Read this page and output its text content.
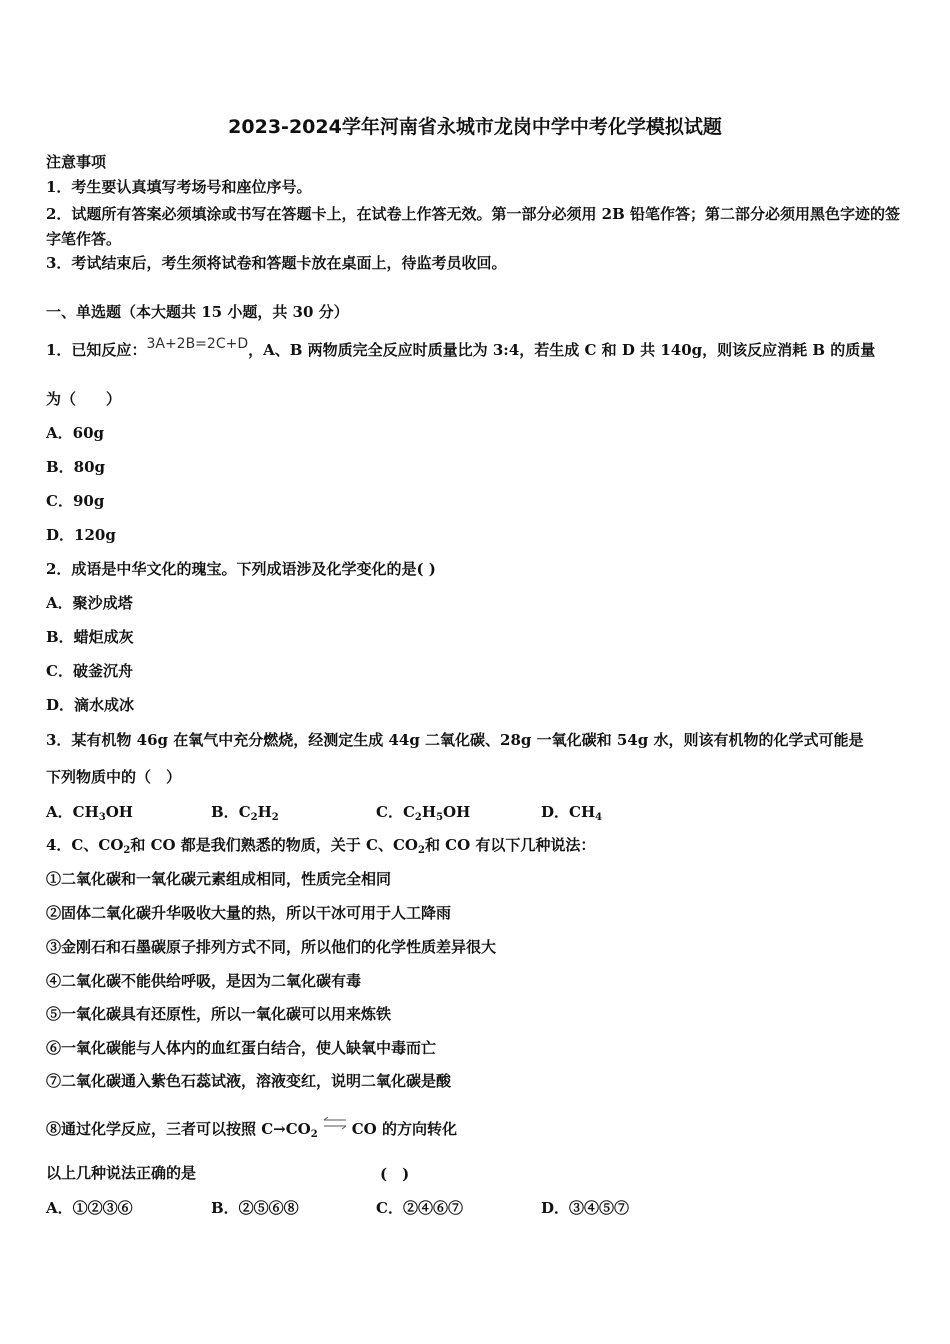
2023-2024学年河南省永城市龙岗中学中考化学模拟试题
注意事项
1．考生要认真填写考场号和座位序号。
2．试题所有答案必须填涂或书写在答题卡上，在试卷上作答无效。第一部分必须用 2B 铅笔作答；第二部分必须用黑色字迹的签字笔作答。
3．考试结束后，考生须将试卷和答题卡放在桌面上，待监考员收回。
一、单选题（本大题共 15 小题，共 30 分）
1．已知反应：3A+2B=2C+D，A、B 两物质完全反应时质量比为 3:4，若生成 C 和 D 共 140g，则该反应消耗 B 的质量
为（　　）
A．60g
B．80g
C．90g
D．120g
2．成语是中华文化的瑰宝。下列成语涉及化学变化的是( )
A．聚沙成塔
B．蜡炬成灰
C．破釜沉舟
D．滴水成冰
3．某有机物 46g 在氧气中充分燃烧，经测定生成 44g 二氧化碳、28g 一氧化碳和 54g 水，则该有机物的化学式可能是
下列物质中的（　）
A．$CH_3OH$	B．$C_2H_2$	C．$C_2H_5OH$	D．$CH_4$
4．C、$CO_2$和 CO 都是我们熟悉的物质，关于 C、$CO_2$和 CO 有以下几种说法：
①二氧化碳和一氧化碳元素组成相同，性质完全相同
②固体二氧化碳升华吸收大量的热，所以干冰可用于人工降雨
③金刚石和石墨碳原子排列方式不同，所以他们的化学性质差异很大
④二氧化碳不能供给呼吸，是因为二氧化碳有毒
⑤一氧化碳具有还原性，所以一氧化碳可以用来炼铁
⑥一氧化碳能与人体内的血红蛋白结合，使人缺氧中毒而亡
⑦二氧化碳通入紫色石蕊试液，溶液变红，说明二氧化碳是酸
⑧通过化学反应，三者可以按照 $C\to CO_2$ ⇌ CO 的方向转化
以上几种说法正确的是	(　)
A．①②③⑥	B．②⑤⑥⑧	C．②④⑥⑦	D．③④⑤⑦
